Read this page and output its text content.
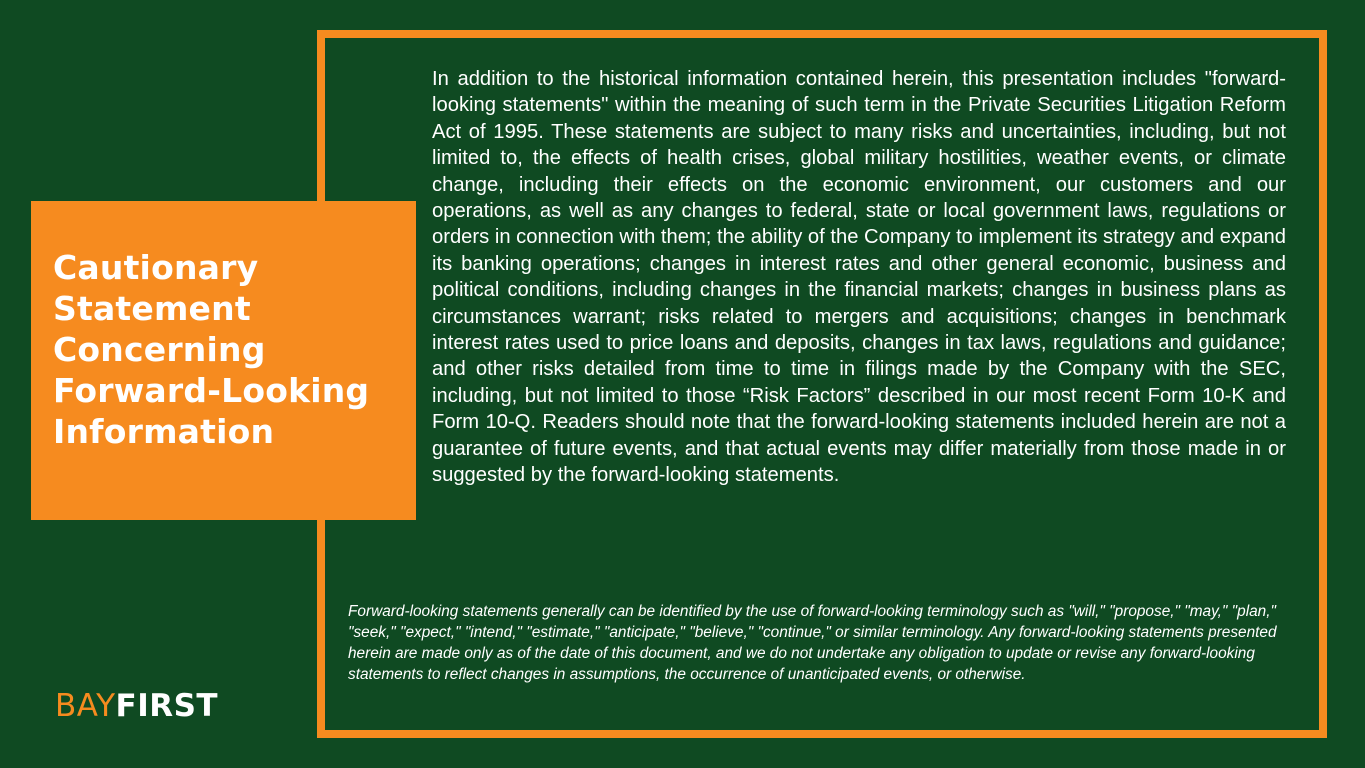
Cautionary Statement Concerning Forward-Looking Information

In addition to the historical information contained herein, this presentation includes "forward-looking statements" within the meaning of such term in the Private Securities Litigation Reform Act of 1995. These statements are subject to many risks and uncertainties, including, but not limited to, the effects of health crises, global military hostilities, weather events, or climate change, including their effects on the economic environment, our customers and our operations, as well as any changes to federal, state or local government laws, regulations or orders in connection with them; the ability of the Company to implement its strategy and expand its banking operations; changes in interest rates and other general economic, business and political conditions, including changes in the financial markets; changes in business plans as circumstances warrant; risks related to mergers and acquisitions; changes in benchmark interest rates used to price loans and deposits, changes in tax laws, regulations and guidance; and other risks detailed from time to time in filings made by the Company with the SEC, including, but not limited to those “Risk Factors” described in our most recent Form 10-K and Form 10-Q. Readers should note that the forward-looking statements included herein are not a guarantee of future events, and that actual events may differ materially from those made in or suggested by the forward-looking statements.

Forward-looking statements generally can be identified by the use of forward-looking terminology such as "will," "propose," "may," "plan," "seek," "expect," "intend," "estimate," "anticipate," "believe," "continue," or similar terminology. Any forward-looking statements presented herein are made only as of the date of this document, and we do not undertake any obligation to update or revise any forward-looking statements to reflect changes in assumptions, the occurrence of unanticipated events, or otherwise.

BAYFIRST
